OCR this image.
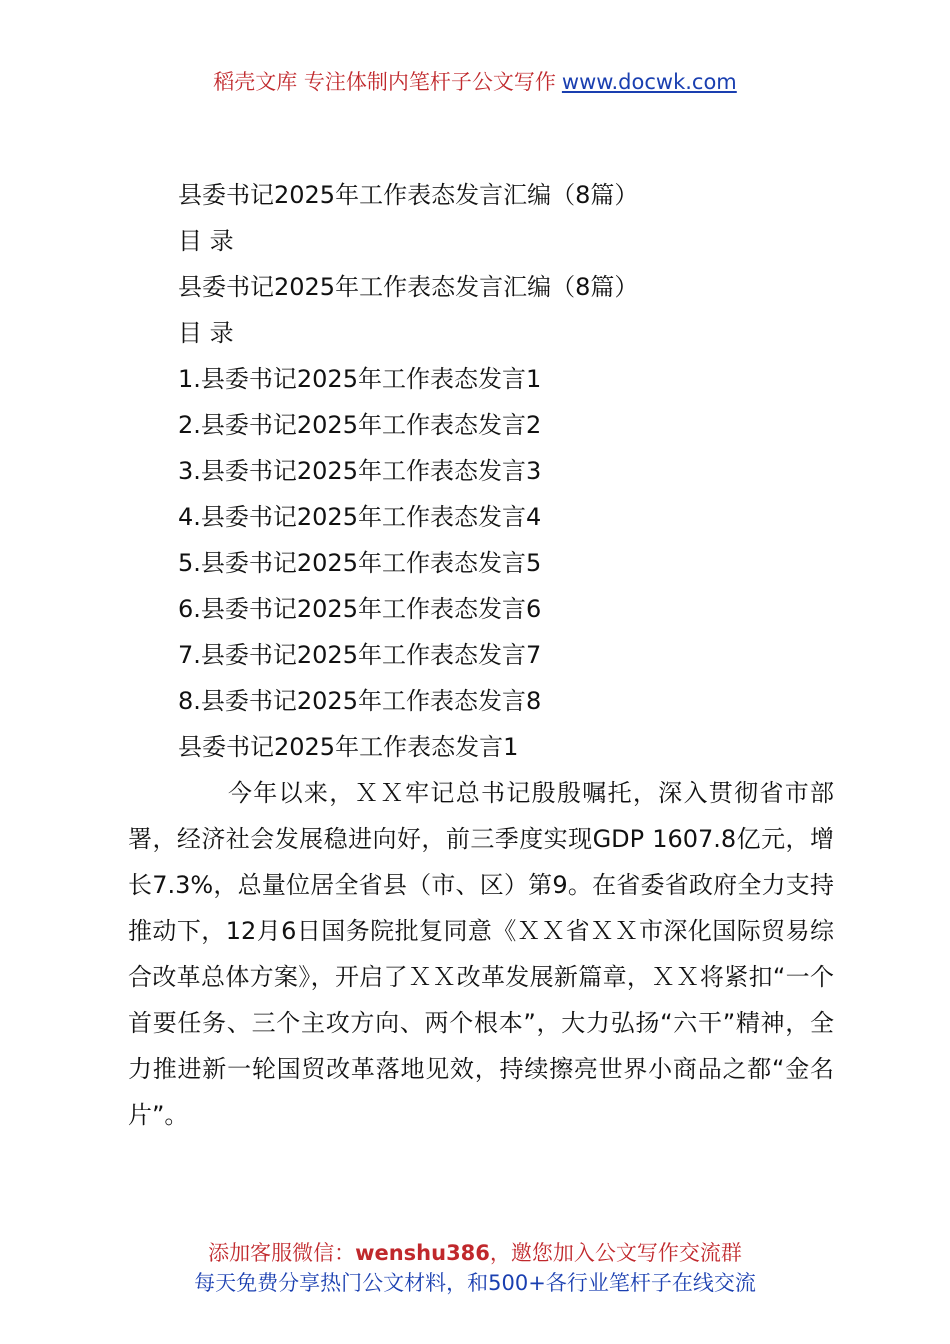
稻壳文库 专注体制内笔杆子公文写作 www.docwk.com
县委书记2025年工作表态发言汇编（8篇）
目 录
县委书记2025年工作表态发言汇编（8篇）
目 录
1.县委书记2025年工作表态发言1
2.县委书记2025年工作表态发言2
3.县委书记2025年工作表态发言3
4.县委书记2025年工作表态发言4
5.县委书记2025年工作表态发言5
6.县委书记2025年工作表态发言6
7.县委书记2025年工作表态发言7
8.县委书记2025年工作表态发言8
县委书记2025年工作表态发言1

今年以来，ＸＸ牢记总书记殷殷嘱托，深入贯彻省市部署，经济社会发展稳进向好，前三季度实现GDP 1607.8亿元，增长7.3%，总量位居全省县（市、区）第9。在省委省政府全力支持推动下，12月6日国务院批复同意《ＸＸ省ＸＸ市深化国际贸易综合改革总体方案》，开启了ＸＸ改革发展新篇章，ＸＸ将紧扣“一个首要任务、三个主攻方向、两个根本”，大力弘扬“六干”精神，全力推进新一轮国贸改革落地见效，持续擦亮世界小商品之都“金名片”。

添加客服微信：wenshu386，邀您加入公文写作交流群
每天免费分享热门公文材料，和500+各行业笔杆子在线交流
